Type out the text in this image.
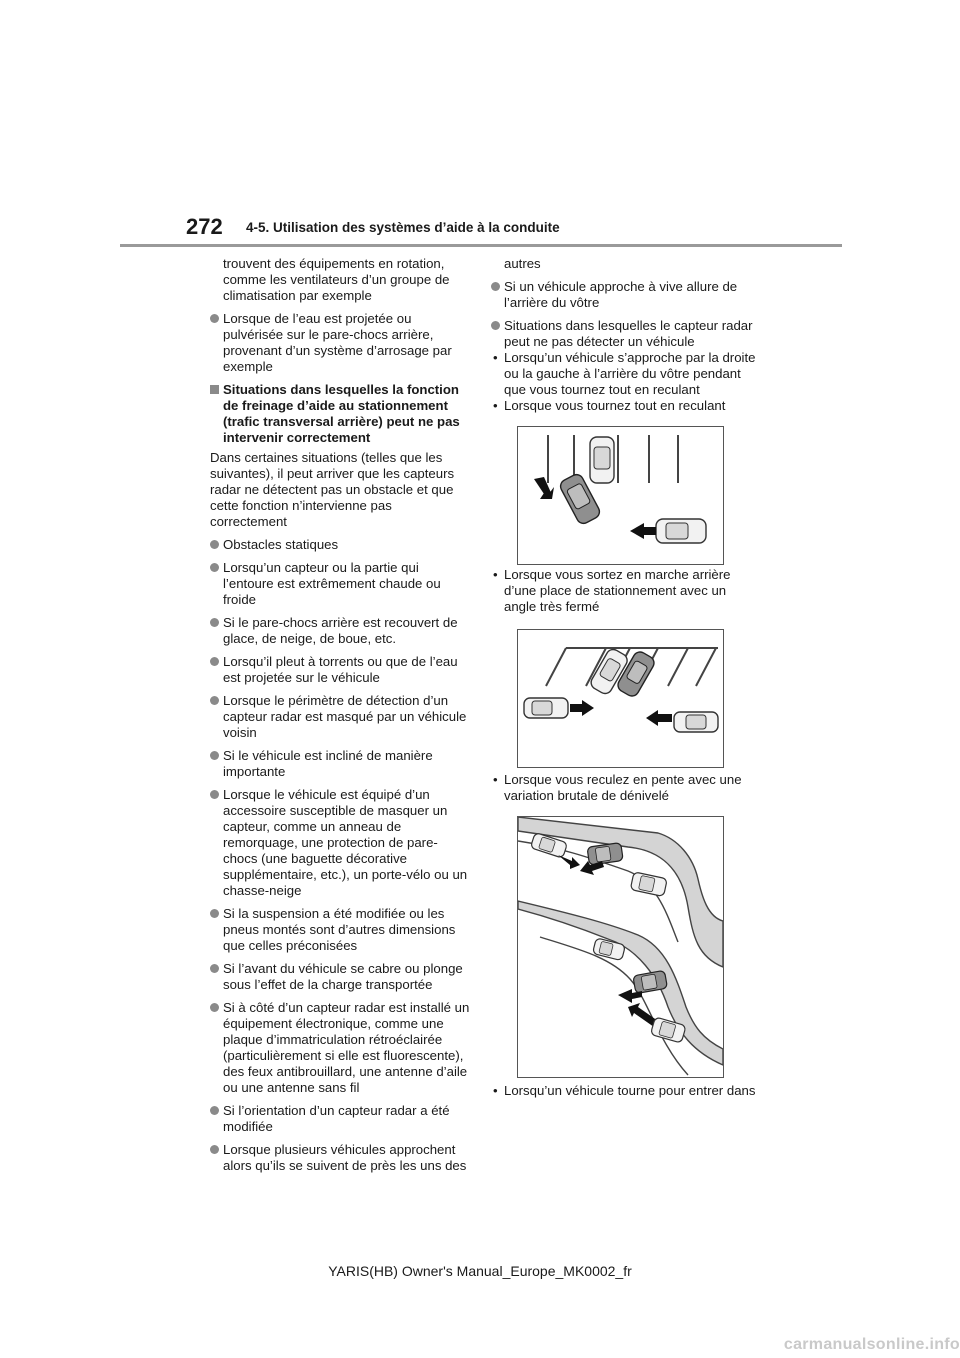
272 4-5. Utilisation des systèmes d’aide à la conduite

trouvent des équipements en rotation, comme les ventilateurs d’un groupe de climatisation par exemple

Lorsque de l’eau est projetée ou pulvérisée sur le pare-chocs arrière, provenant d’un système d’arrosage par exemple
Situations dans lesquelles la fonction de freinage d’aide au stationnement (trafic transversal arrière) peut ne pas intervenir correctement

Dans certaines situations (telles que les suivantes), il peut arriver que les capteurs radar ne détectent pas un obstacle et que cette fonction n’intervienne pas correctement

Obstacles statiques
Lorsqu’un capteur ou la partie qui l’entoure est extrêmement chaude ou froide
Si le pare-chocs arrière est recouvert de glace, de neige, de boue, etc.
Lorsqu’il pleut à torrents ou que de l’eau est projetée sur le véhicule
Lorsque le périmètre de détection d’un capteur radar est masqué par un véhicule voisin
Si le véhicule est incliné de manière importante
Lorsque le véhicule est équipé d’un accessoire susceptible de masquer un capteur, comme un anneau de remorquage, une protection de pare-chocs (une baguette décorative supplémentaire, etc.), un porte-vélo ou un chasse-neige
Si la suspension a été modifiée ou les pneus montés sont d’autres dimensions que celles préconisées
Si l’avant du véhicule se cabre ou plonge sous l’effet de la charge transportée
Si à côté d’un capteur radar est installé un équipement électronique, comme une plaque d’immatriculation rétroéclairée (particulièrement si elle est fluorescente), des feux antibrouillard, une antenne d’aile ou une antenne sans fil
Si l’orientation d’un capteur radar a été modifiée
Lorsque plusieurs véhicules approchent alors qu’ils se suivent de près les uns des

autres

Si un véhicule approche à vive allure de l’arrière du vôtre
Situations dans lesquelles le capteur radar peut ne pas détecter un véhicule
• Lorsqu’un véhicule s’approche par la droite ou la gauche à l’arrière du vôtre pendant que vous tournez tout en reculant
• Lorsque vous tournez tout en reculant
• Lorsque vous sortez en marche arrière d’une place de stationnement avec un angle très fermé
• Lorsque vous reculez en pente avec une variation brutale de dénivelé
• Lorsqu’un véhicule tourne pour entrer dans
YARIS(HB) Owner's Manual_Europe_MK0002_fr
carmanualsonline.info
